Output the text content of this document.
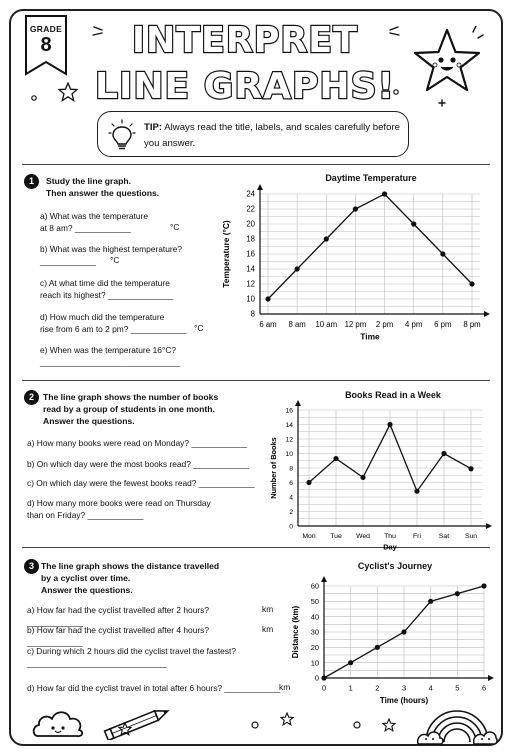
GRADE
8	INTERPRET
LINE GRAPHS!
TIP: Always read the title, labels, and scales carefully before you answer.
1	Study the line graph.
Then answer the questions.
a) What was the temperature
at 8 am? ____________	°C
b) What was the highest temperature?
____________	°C
c) At what time did the temperature
reach its highest? ______________
d) How much did the temperature
rise from 6 am to 2 pm? ____________ °C
e) When was the temperature 16°C?
______________________________
Daytime Temperature
8
10
12
14
16
18
20
22
24
6 am 8 am 10 am 12 pm 2 pm 4 pm 6 pm 8 pm
Time
Temperature (°C)
2	The line graph shows the number of books
read by a group of students in one month.
Answer the questions.
a) How many books were read on Monday? ____________
b) On which day were the most books read? ____________
c) On which day were the fewest books read? ____________
d) How many more books were read on Thursday
than on Friday? ____________
Books Read in a Week
0
2
4
6
8
10
12
14
16
Mon Tue Wed Thu	Fri	Sat Sun
Day
Number of Books
3 The line graph shows the distance travelled
by a cyclist over time.
Answer the questions.
a) How far had the cyclist travelled after 2 hours? ____________
km
b) How far had the cyclist travelled after 4 hours? ____________
km
c) During which 2 hours did the cyclist travel the fastest?
______________________________
d) How far did the cyclist travel in total after 6 hours? ____________
km
Cyclist's Journey
0
10
20
30
40
50
60
0	1	2	3	4	5	6
Time (hours)
Distance (km)
